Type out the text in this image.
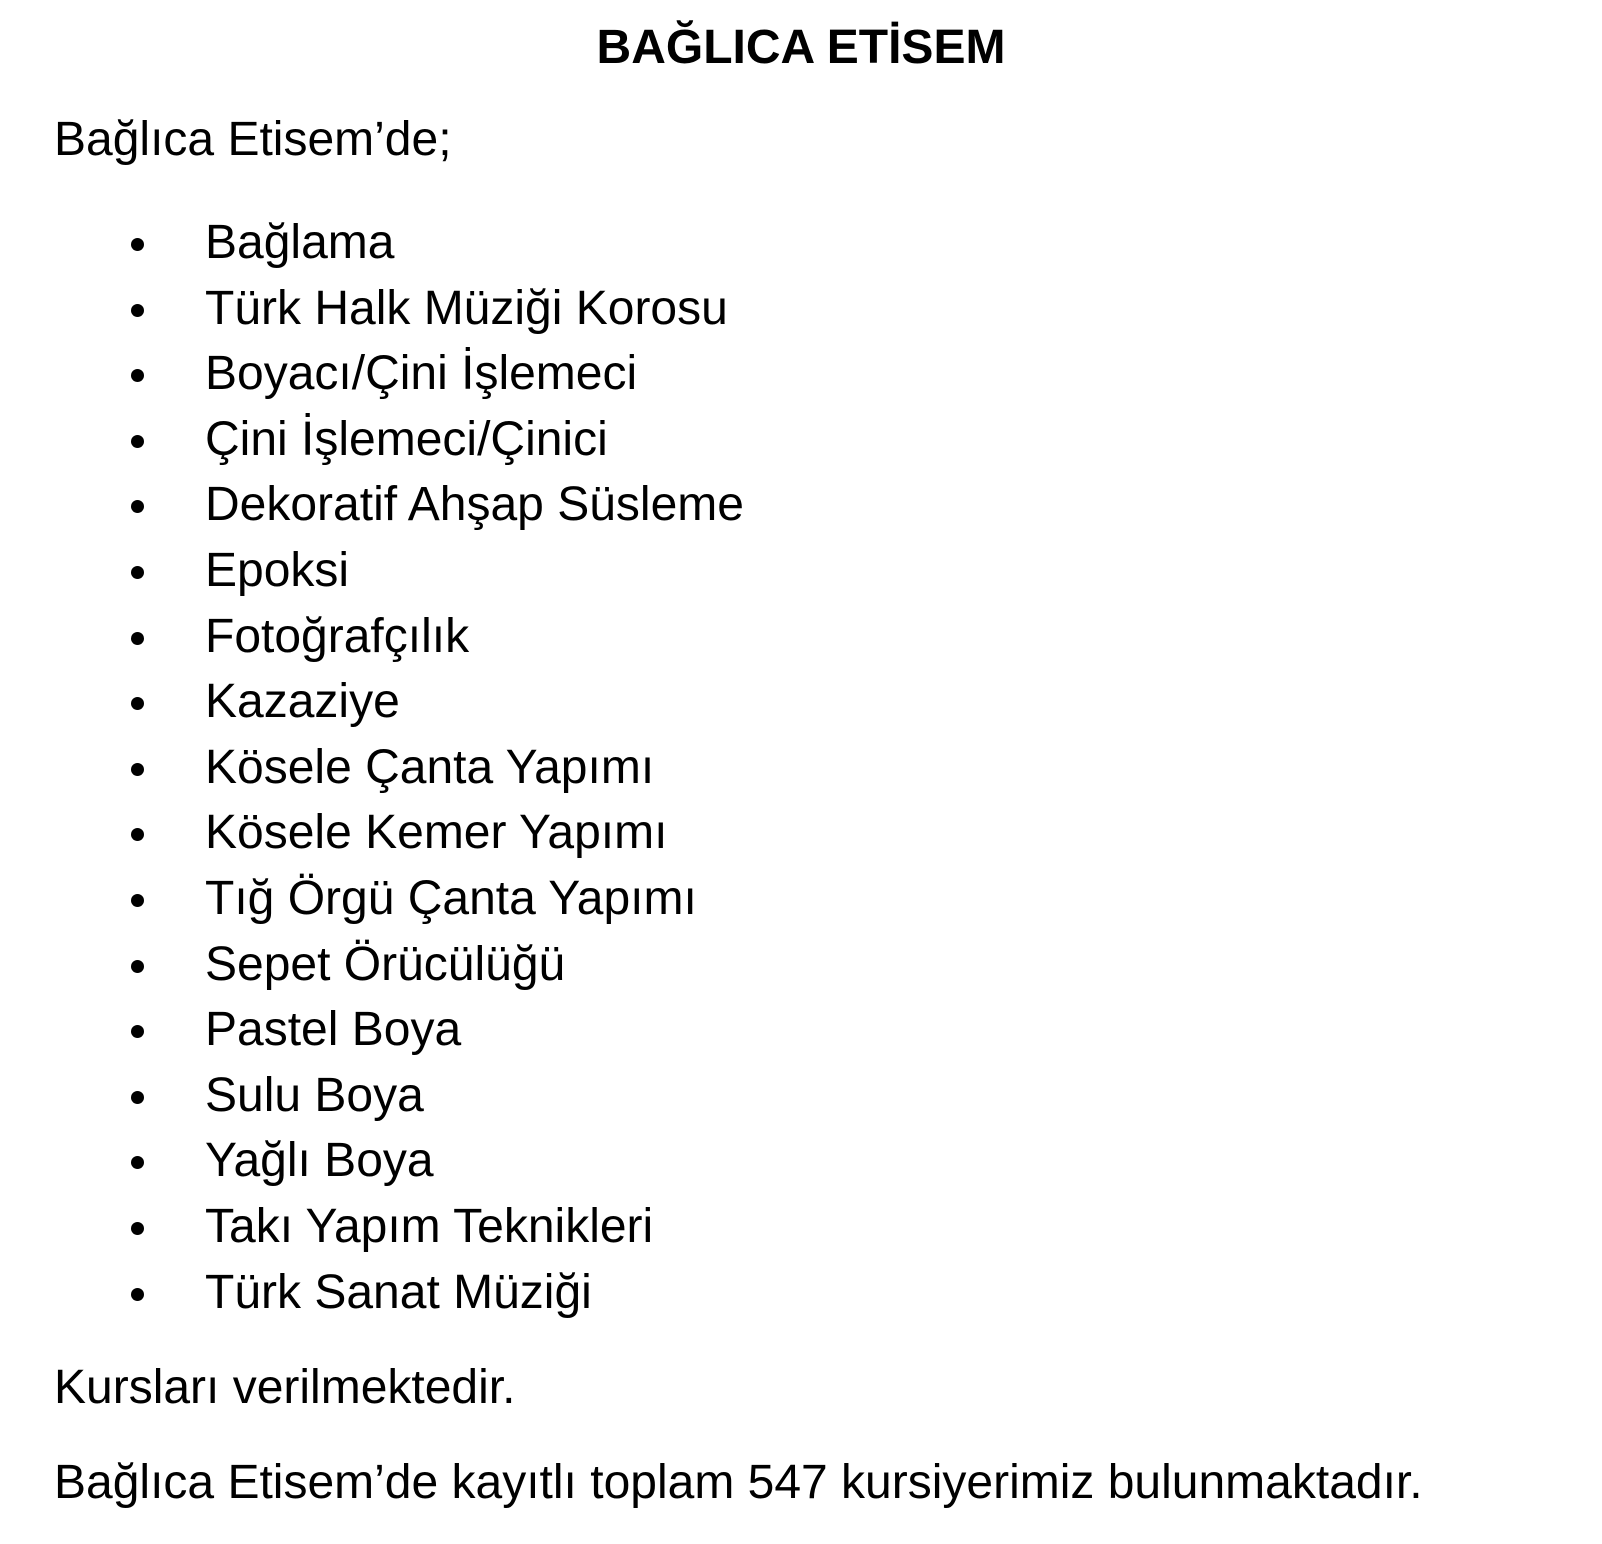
BAĞLICA ETİSEM

Bağlıca Etisem’de;

Bağlama
Türk Halk Müziği Korosu
Boyacı/Çini İşlemeci
Çini İşlemeci/Çinici
Dekoratif Ahşap Süsleme
Epoksi
Fotoğrafçılık
Kazaziye
Kösele Çanta Yapımı
Kösele Kemer Yapımı
Tığ Örgü Çanta Yapımı
Sepet Örücülüğü
Pastel Boya
Sulu Boya
Yağlı Boya
Takı Yapım Teknikleri
Türk Sanat Müziği

Kursları verilmektedir.

Bağlıca Etisem’de kayıtlı toplam 547 kursiyerimiz bulunmaktadır.
